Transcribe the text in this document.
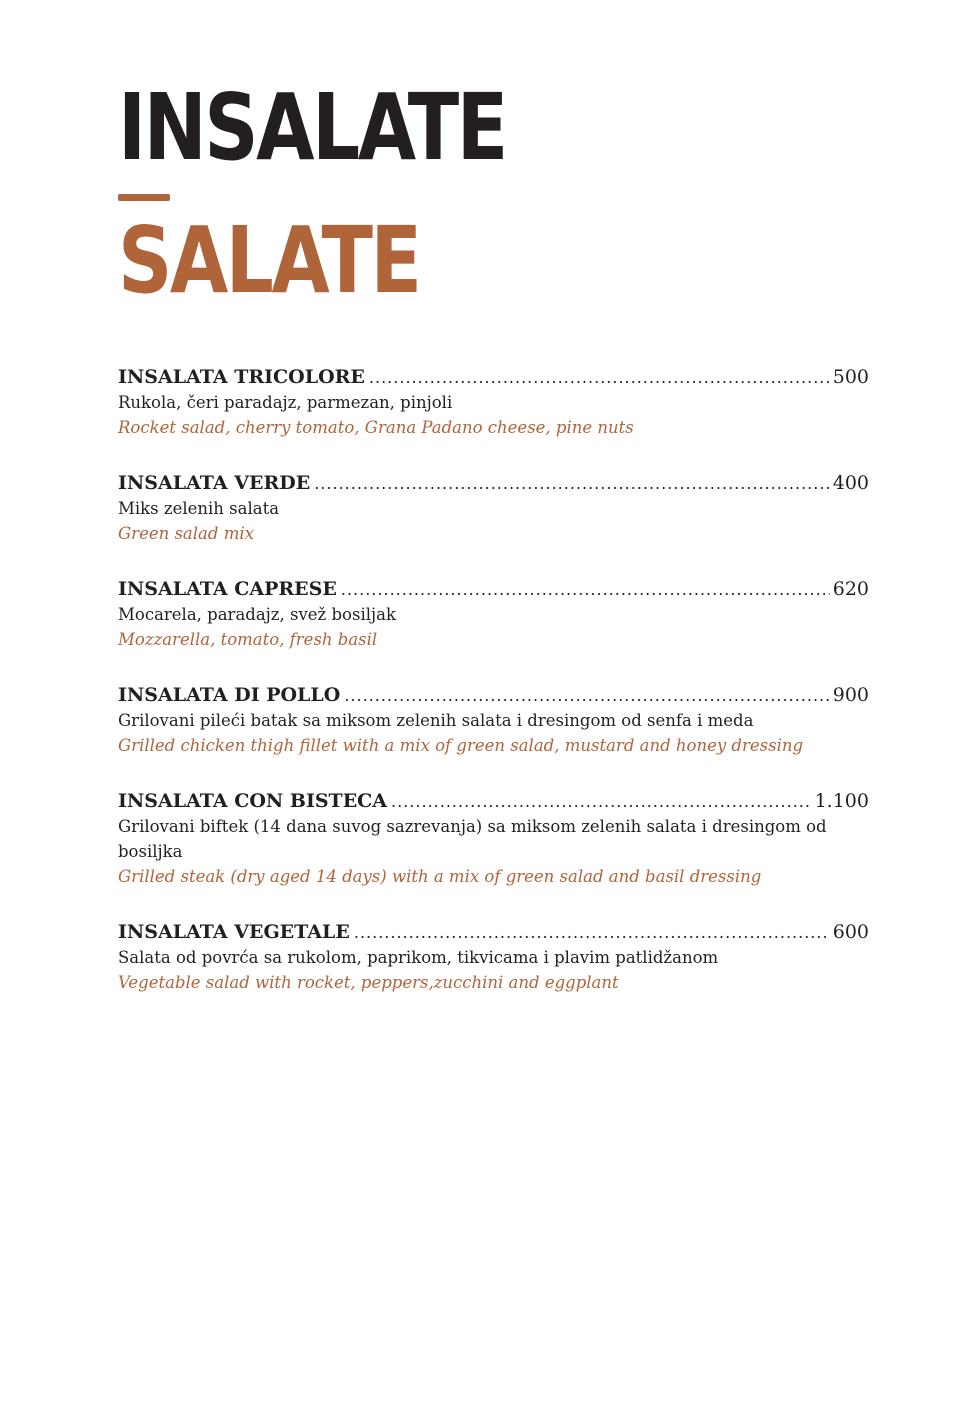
INSALATE
SALATE
INSALATA TRICOLORE .....	500
Rukola, čeri paradajz, parmezan, pinjoli
Rocket salad, cherry tomato, Grana Padano cheese, pine nuts
INSALATA VERDE .....	400
Miks zelenih salata
Green salad mix
INSALATA CAPRESE .....	620
Mocarela, paradajz, svež bosiljak
Mozzarella, tomato, fresh basil
INSALATA DI POLLO .....	900
Grilovani pileći batak sa miksom zelenih salata i dresingom od senfa i meda
Grilled chicken thigh fillet with a mix of green salad, mustard and honey dressing
INSALATA CON BISTECA .....	1.100
Grilovani biftek (14 dana suvog sazrevanja) sa miksom zelenih salata i dresingom od bosiljka
Grilled steak (dry aged 14 days) with a mix of green salad and basil dressing
INSALATA VEGETALE .....	600
Salata od povrća sa rukolom, paprikom, tikvicama i plavim patlidžanom
Vegetable salad with rocket, peppers,zucchini and eggplant
